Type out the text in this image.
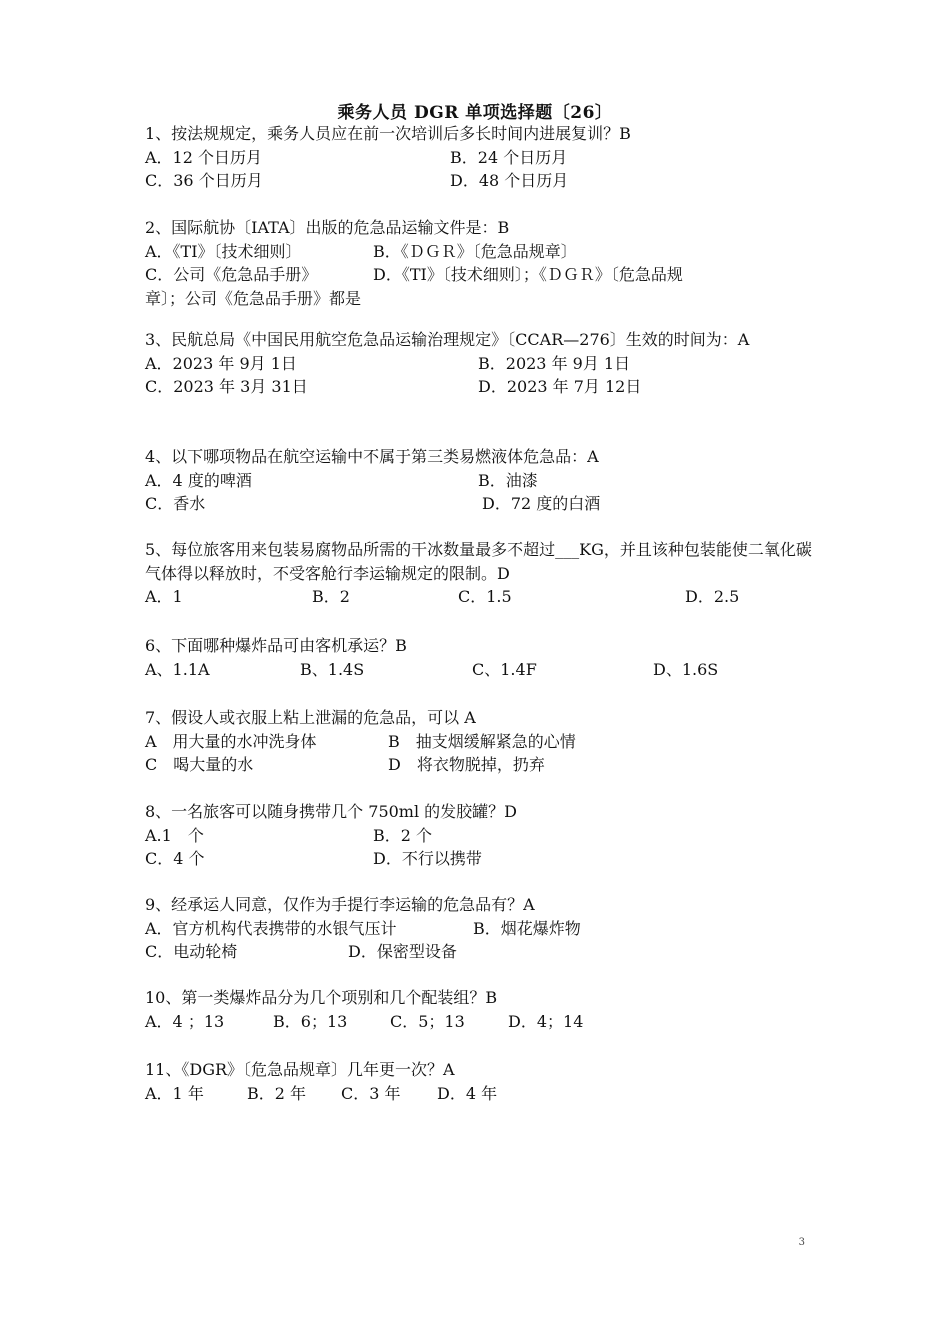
乘务人员 DGR 单项选择题〔26〕
1、按法规规定，乘务人员应在前一次培训后多长时间内进展复训？B
A．12 个日历月	B．24 个日历月
C．36 个日历月	D．48 个日历月
2、国际航协〔IATA〕出版的危急品运输文件是：B
A．《TI》〔技术细则〕	B．《ＤＧＲ》〔危急品规章〕
C．公司《危急品手册》	D．《TI》〔技术细则〕；《ＤＧＲ》〔危急品规
章〕；公司《危急品手册》都是
3、民航总局《中国民用航空危急品运输治理规定》〔CCAR—276〕生效的时间为：A
A．2023 年 9月 1日	B．2023 年 9月 1日
C．2023 年 3月 31日	D．2023 年 7月 12日
4、以下哪项物品在航空运输中不属于第三类易燃液体危急品：A
A．4 度的啤酒	B．油漆
C．香水	D．72 度的白酒
5、每位旅客用来包装易腐物品所需的干冰数量最多不超过___KG，并且该种包装能使二氧化碳气体得以释放时，不受客舱行李运输规定的限制。D
A．1	B．2	C．1.5	D．2.5
6、下面哪种爆炸品可由客机承运？B
A、1.1A	B、1.4S	C、1.4F	D、1.6S
7、假设人或衣服上粘上泄漏的危急品，可以 A
A　用大量的水冲洗身体	B　抽支烟缓解紧急的心情
C　喝大量的水	D　将衣物脱掉，扔弃
8、一名旅客可以随身携带几个 750ml 的发胶罐？D
A.1　个	B．2 个
C．4 个	D．不行以携带
9、经承运人同意，仅作为手提行李运输的危急品有？A
A．官方机构代表携带的水银气压计	B．烟花爆炸物
C．电动轮椅	D．保密型设备
10、第一类爆炸品分为几个项别和几个配装组？B
A．4 ；13	B．6；13	C．5；13	D．4；14
11、《DGR》〔危急品规章〕几年更一次？A
A．1 年	B．2 年 C．3 年 D．4 年
3
